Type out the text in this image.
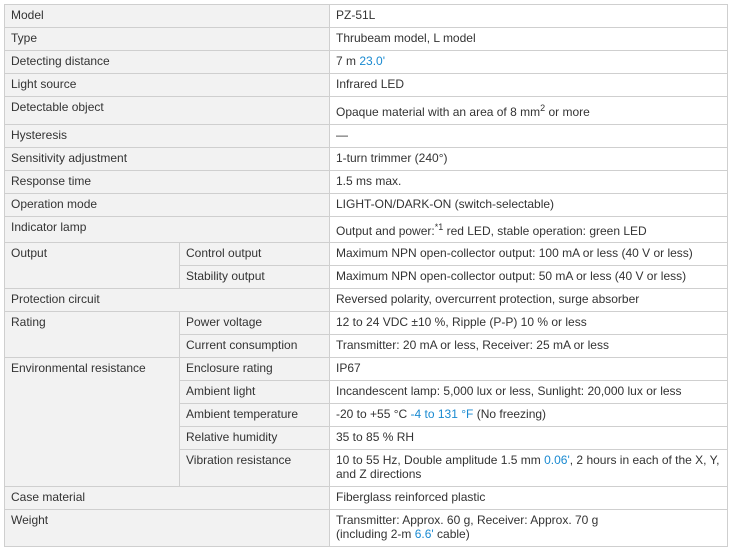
Model		PZ-51L
Type		Thrubeam model, L model
Detecting distance		7 m 23.0'
Light source		Infrared LED
Detectable object		Opaque material with an area of 8 $mm^2$ or more
Hysteresis		—
Sensitivity adjustment		1-turn trimmer (240°)
Response time		1.5 ms max.
Operation mode		LIGHT-ON/DARK-ON (switch-selectable)
Indicator lamp		Output and power:$^{*1}$ red LED, stable operation: green LED
Output	Control output	Maximum NPN open-collector output: 100 mA or less (40 V or less)
	Stability output	Maximum NPN open-collector output: 50 mA or less (40 V or less)
Protection circuit		Reversed polarity, overcurrent protection, surge absorber
Rating	Power voltage	12 to 24 VDC ±10 %, Ripple (P-P) 10 % or less
	Current consumption	Transmitter: 20 mA or less, Receiver: 25 mA or less
Environmental resistance	Enclosure rating	IP67
	Ambient light	Incandescent lamp: 5,000 lux or less, Sunlight: 20,000 lux or less
	Ambient temperature	-20 to +55 °C -4 to 131 °F (No freezing)
	Relative humidity	35 to 85 % RH
	Vibration resistance	10 to 55 Hz, Double amplitude 1.5 mm 0.06', 2 hours in each of the X, Y, and Z directions
Case material		Fiberglass reinforced plastic
Weight		Transmitter: Approx. 60 g, Receiver: Approx. 70 g
(including 2-m 6.6' cable)
